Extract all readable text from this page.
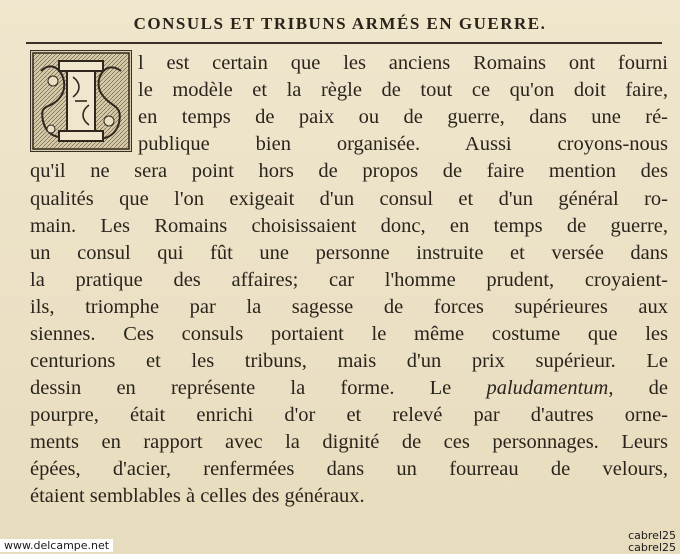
CONSULS ET TRIBUNS ARMÉS EN GUERRE.
l est certain que les anciens Romains ont fourni
le modèle et la règle de tout ce qu'on doit faire,
en temps de paix ou de guerre, dans une ré-
publique bien organisée. Aussi croyons-nous
qu'il ne sera point hors de propos de faire mention des
qualités que l'on exigeait d'un consul et d'un général ro-
main. Les Romains choisissaient donc, en temps de guerre,
un consul qui fût une personne instruite et versée dans
la pratique des affaires; car l'homme prudent, croyaient-
ils, triomphe par la sagesse de forces supérieures aux
siennes. Ces consuls portaient le même costume que les
centurions et les tribuns, mais d'un prix supérieur. Le
dessin en représente la forme. Le paludamentum, de
pourpre, était enrichi d'or et relevé par d'autres orne-
ments en rapport avec la dignité de ces personnages. Leurs
épées, d'acier, renfermées dans un fourreau de velours,
étaient semblables à celles des généraux.
www.delcampe.net
cabrel25
cabrel25
